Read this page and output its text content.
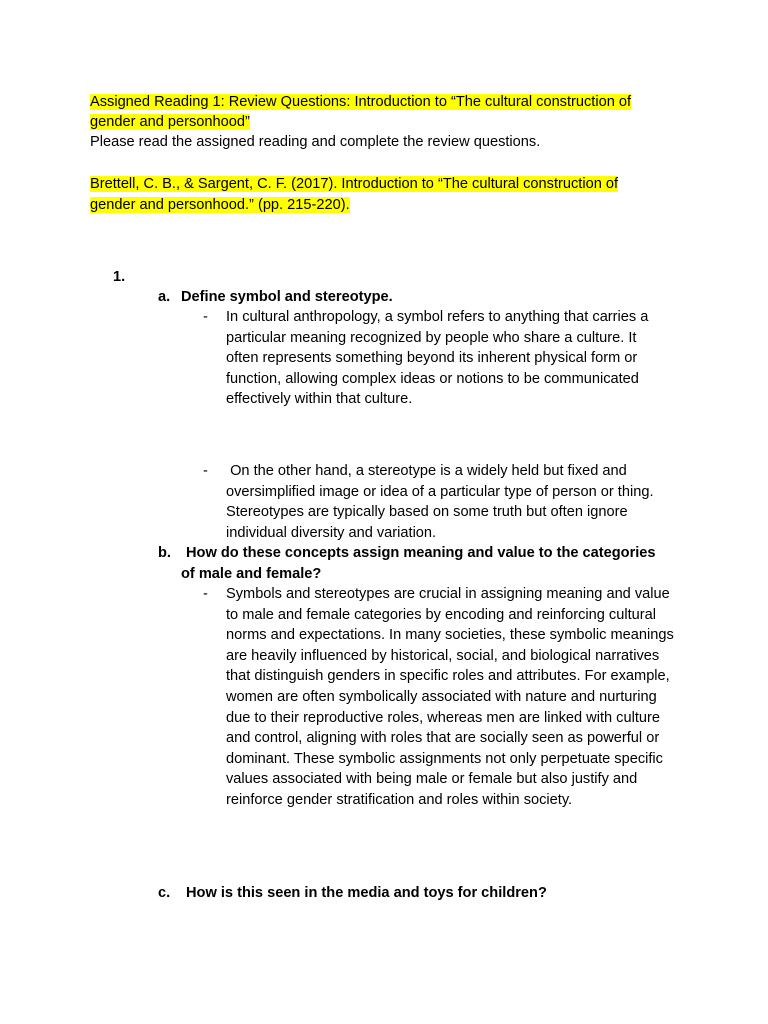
Assigned Reading 1: Review Questions: Introduction to “The cultural construction of
gender and personhood”
Please read the assigned reading and complete the review questions.
Brettell, C. B., & Sargent, C. F. (2017). Introduction to “The cultural construction of
gender and personhood.” (pp. 215-220).
1.
a. Define symbol and stereotype.
- In cultural anthropology, a symbol refers to anything that carries a particular meaning recognized by people who share a culture. It often represents something beyond its inherent physical form or function, allowing complex ideas or notions to be communicated effectively within that culture.
- On the other hand, a stereotype is a widely held but fixed and oversimplified image or idea of a particular type of person or thing. Stereotypes are typically based on some truth but often ignore individual diversity and variation.
b. How do these concepts assign meaning and value to the categories
of male and female?
- Symbols and stereotypes are crucial in assigning meaning and value to male and female categories by encoding and reinforcing cultural norms and expectations. In many societies, these symbolic meanings are heavily influenced by historical, social, and biological narratives that distinguish genders in specific roles and attributes. For example, women are often symbolically associated with nature and nurturing due to their reproductive roles, whereas men are linked with culture and control, aligning with roles that are socially seen as powerful or dominant. These symbolic assignments not only perpetuate specific values associated with being male or female but also justify and reinforce gender stratification and roles within society.
c. How is this seen in the media and toys for children?
